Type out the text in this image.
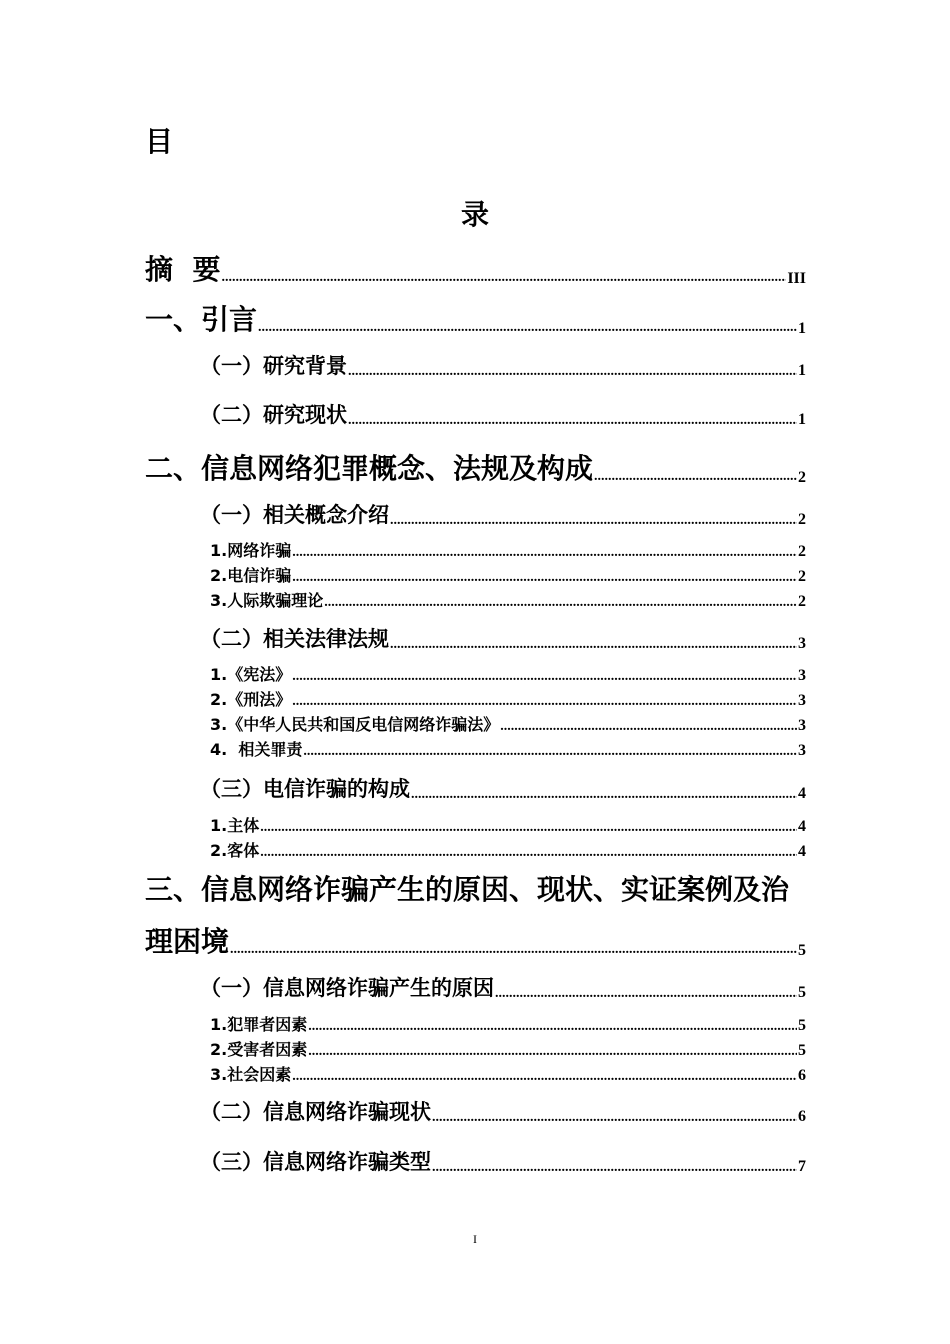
目
录
摘  要 .....	III
一、引言 .....	1
（一）研究背景 .....	1
（二）研究现状 .....	1
二、信息网络犯罪概念、法规及构成 .....	2
（一）相关概念介绍 .....	2
1.网络诈骗 .....	2
2.电信诈骗 .....	2
3.人际欺骗理论 .....	2
（二）相关法律法规 .....	3
1.《宪法》 .....	3
2.《刑法》 .....	3
3.《中华人民共和国反电信网络诈骗法》 .....	3
4.  相关罪责 .....	3
（三）电信诈骗的构成 .....	4
1.主体 .....	4
2.客体 .....	4
三、信息网络诈骗产生的原因、现状、实证案例及治
理困境 .....	5
（一）信息网络诈骗产生的原因 .....	5
1.犯罪者因素 .....	5
2.受害者因素 .....	5
3.社会因素 .....	6
（二）信息网络诈骗现状 .....	6
（三）信息网络诈骗类型 .....	7
I
